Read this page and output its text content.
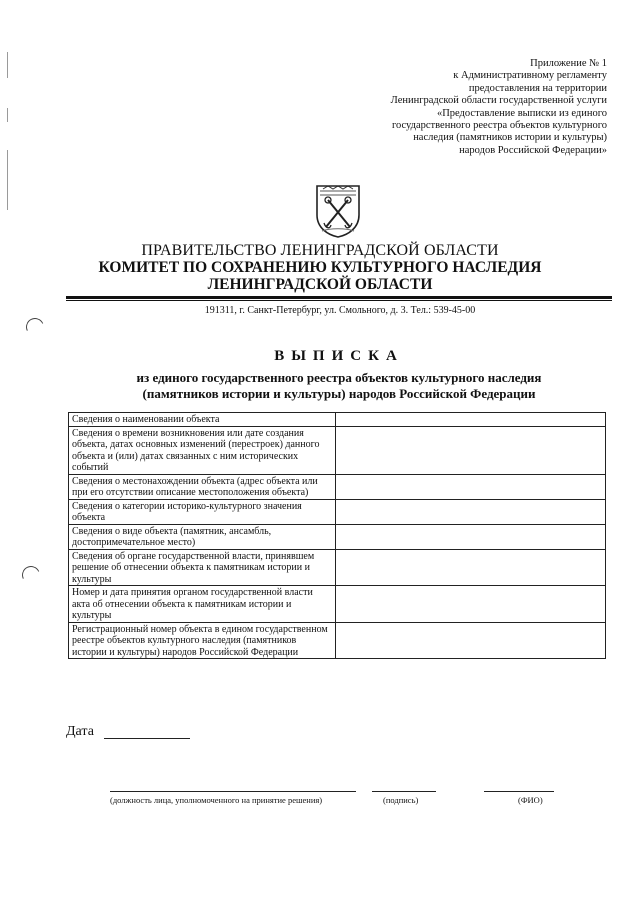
Приложение № 1
к Административному регламенту
предоставления на территории
Ленинградской области государственной услуги
«Предоставление выписки из единого
государственного реестра объектов культурного
наследия (памятников истории и культуры)
народов Российской Федерации»
ПРАВИТЕЛЬСТВО ЛЕНИНГРАДСКОЙ ОБЛАСТИ
КОМИТЕТ ПО СОХРАНЕНИЮ КУЛЬТУРНОГО НАСЛЕДИЯ
ЛЕНИНГРАДСКОЙ ОБЛАСТИ
191311, г. Санкт-Петербург, ул. Смольного, д. 3. Тел.: 539-45-00
ВЫПИСКА
из единого государственного реестра объектов культурного наследия
(памятников истории и культуры) народов Российской Федерации
Сведения о наименовании объекта	
Сведения о времени возникновения или дате создания объекта, датах основных изменений (перестроек) данного объекта и (или) датах связанных с ним исторических событий	
Сведения о местонахождении объекта (адрес объекта или при его отсутствии описание местоположения объекта)	
Сведения о категории историко-культурного значения объекта	
Сведения о виде объекта (памятник, ансамбль, достопримечательное место)	
Сведения об органе государственной власти, принявшем решение об отнесении объекта к памятникам истории и культуры	
Номер и дата принятия органом государственной власти акта об отнесении объекта к памятникам истории и культуры	
Регистрационный номер объекта в едином государственном реестре объектов культурного наследия (памятников истории и культуры) народов Российской Федерации	
Дата
(должность лица, уполномоченного на принятие решения)	(подпись)	(ФИО)
